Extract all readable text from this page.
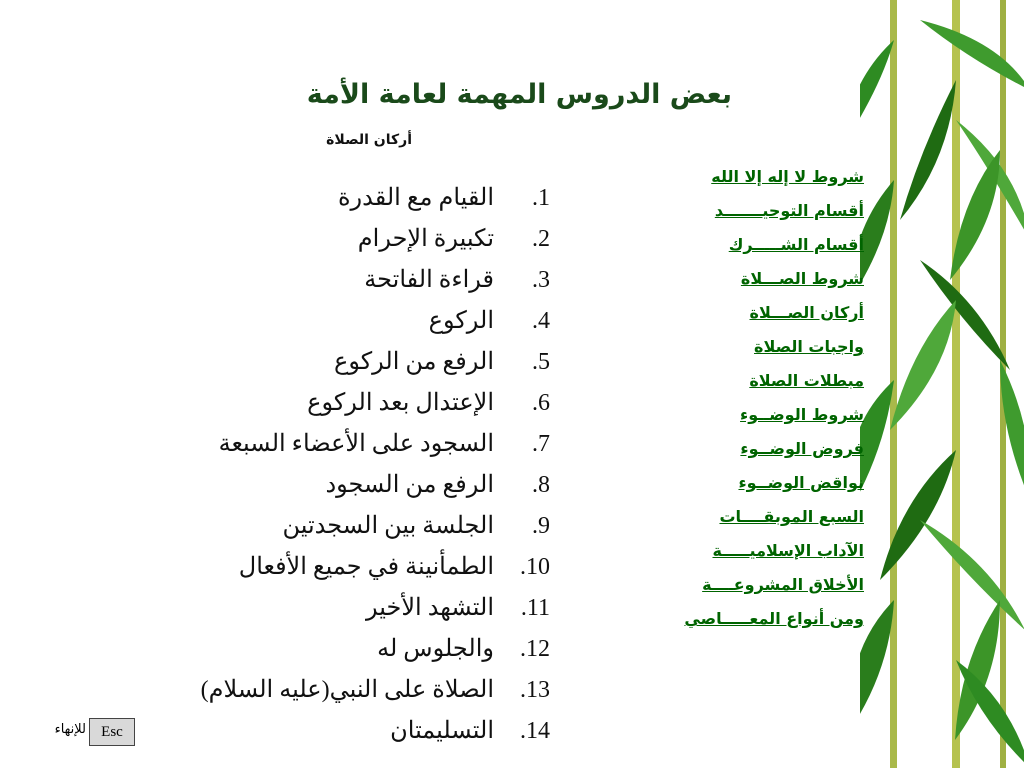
بعض الدروس المهمة لعامة الأمة
أركان الصلاة
1.
القيام مع القدرة
2.
تكبيرة الإحرام
3.
قراءة الفاتحة
4.
الركوع
5.
الرفع من الركوع
6.
الإعتدال بعد الركوع
7.
السجود على الأعضاء السبعة
8.
الرفع من السجود
9.
الجلسة بين السجدتين
10.
الطمأنينة في جميع الأفعال
11.
التشهد الأخير
12.
والجلوس له
13.
الصلاة على النبي(عليه السلام)
14.
التسليمتان
شروط لا إله إلا الله
أقسام التوحيـــــــد
أقسام الشـــــرك
شروط الصـــلاة
أركان الصـــلاة
واجبات الصلاة
مبطلات الصلاة
شروط الوضــوء
فروض الوضــوء
نواقض الوضــوء
السبع الموبقــــات
الآداب الإسلاميـــــة
الأخلاق المشروعــــة
ومن أنواع المعـــــاصي
للإنهاء	Esc
